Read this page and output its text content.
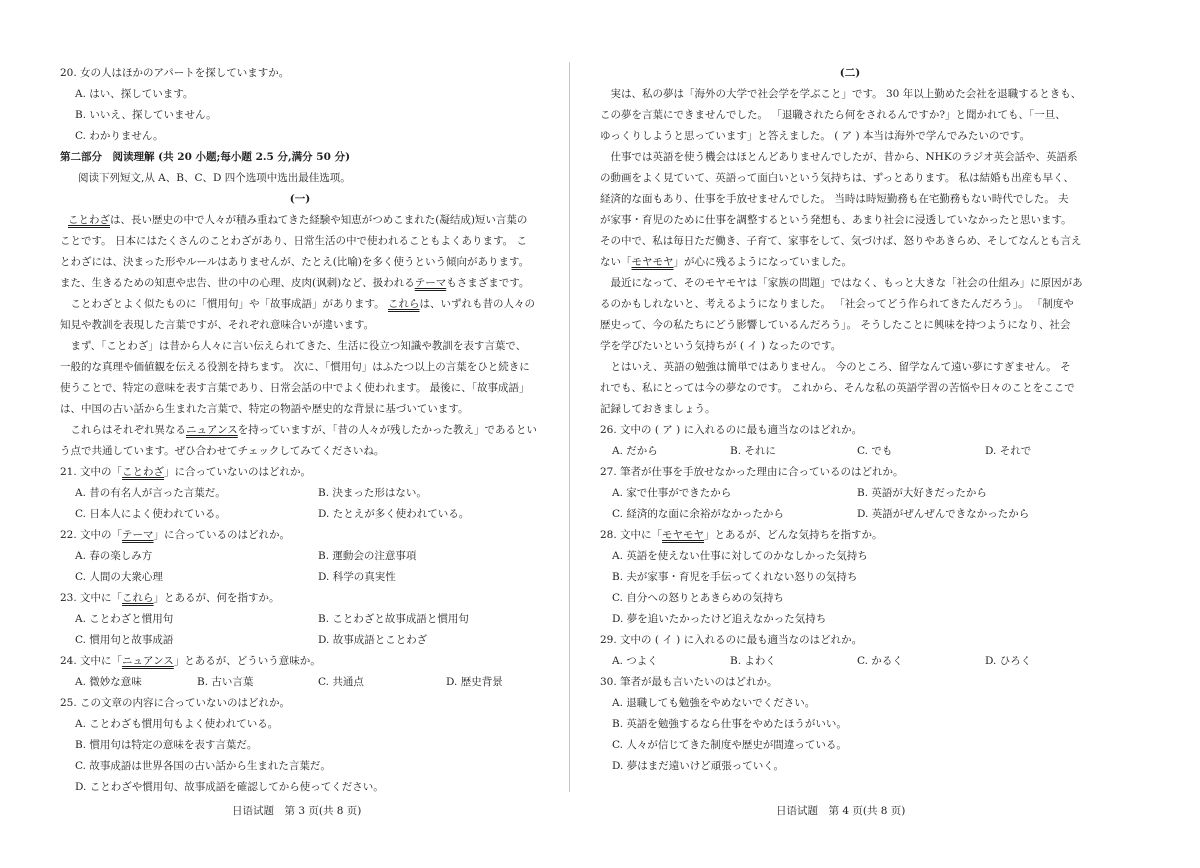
20. 女の人はほかのアパートを探していますか。
A. はい、探しています。
B. いいえ、探していません。
C. わかりません。
第二部分　阅读理解 (共 20 小题;每小题 2.5 分,满分 50 分)
阅读下列短文,从 A、B、C、D 四个选项中选出最佳选项。
(一)
ことわざは、長い歴史の中で人々が積み重ねてきた経験や知恵がつめこまれた(凝结成)短い言葉の
ことです。 日本にはたくさんのことわざがあり、日常生活の中で使われることもよくあります。 こ
とわざには、決まった形やルールはありませんが、たとえ(比喻)を多く使うという傾向があります。
また、生きるための知恵や忠告、世の中の心理、皮肉(讽刺)など、扱われるテーマもさまざまです。
　ことわざとよく似たものに「慣用句」や「故事成語」があります。 これらは、いずれも昔の人々の
知見や教訓を表現した言葉ですが、それぞれ意味合いが違います。
　まず、「ことわざ」は昔から人々に言い伝えられてきた、生活に役立つ知識や教訓を表す言葉で、
一般的な真理や価値観を伝える役割を持ちます。 次に、「慣用句」はふたつ以上の言葉をひと続きに
使うことで、特定の意味を表す言葉であり、日常会話の中でよく使われます。 最後に、「故事成語」
は、中国の古い話から生まれた言葉で、特定の物語や歴史的な背景に基づいています。
　これらはそれぞれ異なるニュアンスを持っていますが、「昔の人々が残したかった教え」であるとい
う点で共通しています。ぜひ合わせてチェックしてみてくださいね。
21. 文中の「ことわざ」に合っていないのはどれか。
A. 昔の有名人が言った言葉だ。	B. 決まった形はない。
C. 日本人によく使われている。	D. たとえが多く使われている。
22. 文中の「テーマ」に合っているのはどれか。
A. 春の楽しみ方	B. 運動会の注意事項
C. 人間の大衆心理	D. 科学の真実性
23. 文中に「これら」とあるが、何を指すか。
A. ことわざと慣用句	B. ことわざと故事成語と慣用句
C. 慣用句と故事成語	D. 故事成語とことわざ
24. 文中に「ニュアンス」とあるが、どういう意味か。
A. 微妙な意味	B. 古い言葉	C. 共通点	D. 歴史背景
25. この文章の内容に合っていないのはどれか。
A. ことわざも慣用句もよく使われている。
B. 慣用句は特定の意味を表す言葉だ。
C. 故事成語は世界各国の古い話から生まれた言葉だ。
D. ことわざや慣用句、故事成語を確認してから使ってください。
日语试题　第 3 页(共 8 页)
(二)
　実は、私の夢は「海外の大学で社会学を学ぶこと」です。 30 年以上勤めた会社を退職するときも、
この夢を言葉にできませんでした。 「退職されたら何をされるんですか?」と聞かれても、「一旦、
ゆっくりしようと思っています」と答えました。 ( ア ) 本当は海外で学んでみたいのです。
　仕事では英語を使う機会はほとんどありませんでしたが、昔から、NHKのラジオ英会話や、英語系
の動画をよく見ていて、英語って面白いという気持ちは、ずっとあります。 私は結婚も出産も早く、
経済的な面もあり、仕事を手放せませんでした。 当時は時短勤務も在宅勤務もない時代でした。 夫
が家事・育児のために仕事を調整するという発想も、あまり社会に浸透していなかったと思います。
その中で、私は毎日ただ働き、子育て、家事をして、気づけば、怒りやあきらめ、そしてなんとも言え
ない「モヤモヤ」が心に残るようになっていました。
　最近になって、そのモヤモヤは「家族の問題」ではなく、もっと大きな「社会の仕組み」に原因があ
るのかもしれないと、考えるようになりました。 「社会ってどう作られてきたんだろう」。 「制度や
歴史って、今の私たちにどう影響しているんだろう」。 そうしたことに興味を持つようになり、社会
学を学びたいという気持ちが ( イ ) なったのです。
　とはいえ、英語の勉強は簡単ではありません。 今のところ、留学なんて遠い夢にすぎません。 そ
れでも、私にとっては今の夢なのです。 これから、そんな私の英語学習の苦悩や日々のことをここで
記録しておきましょう。
26. 文中の ( ア ) に入れるのに最も適当なのはどれか。
A. だから	B. それに	C. でも	D. それで
27. 筆者が仕事を手放せなかった理由に合っているのはどれか。
A. 家で仕事ができたから	B. 英語が大好きだったから
C. 経済的な面に余裕がなかったから	D. 英語がぜんぜんできなかったから
28. 文中に「モヤモヤ」とあるが、どんな気持ちを指すか。
A. 英語を使えない仕事に対してのかなしかった気持ち
B. 夫が家事・育児を手伝ってくれない怒りの気持ち
C. 自分への怒りとあきらめの気持ち
D. 夢を追いたかったけど追えなかった気持ち
29. 文中の ( イ ) に入れるのに最も適当なのはどれか。
A. つよく	B. よわく	C. かるく	D. ひろく
30. 筆者が最も言いたいのはどれか。
A. 退職しても勉強をやめないでください。
B. 英語を勉強するなら仕事をやめたほうがいい。
C. 人々が信じてきた制度や歴史が間違っている。
D. 夢はまだ遠いけど頑張っていく。
日语试题　第 4 页(共 8 页)
